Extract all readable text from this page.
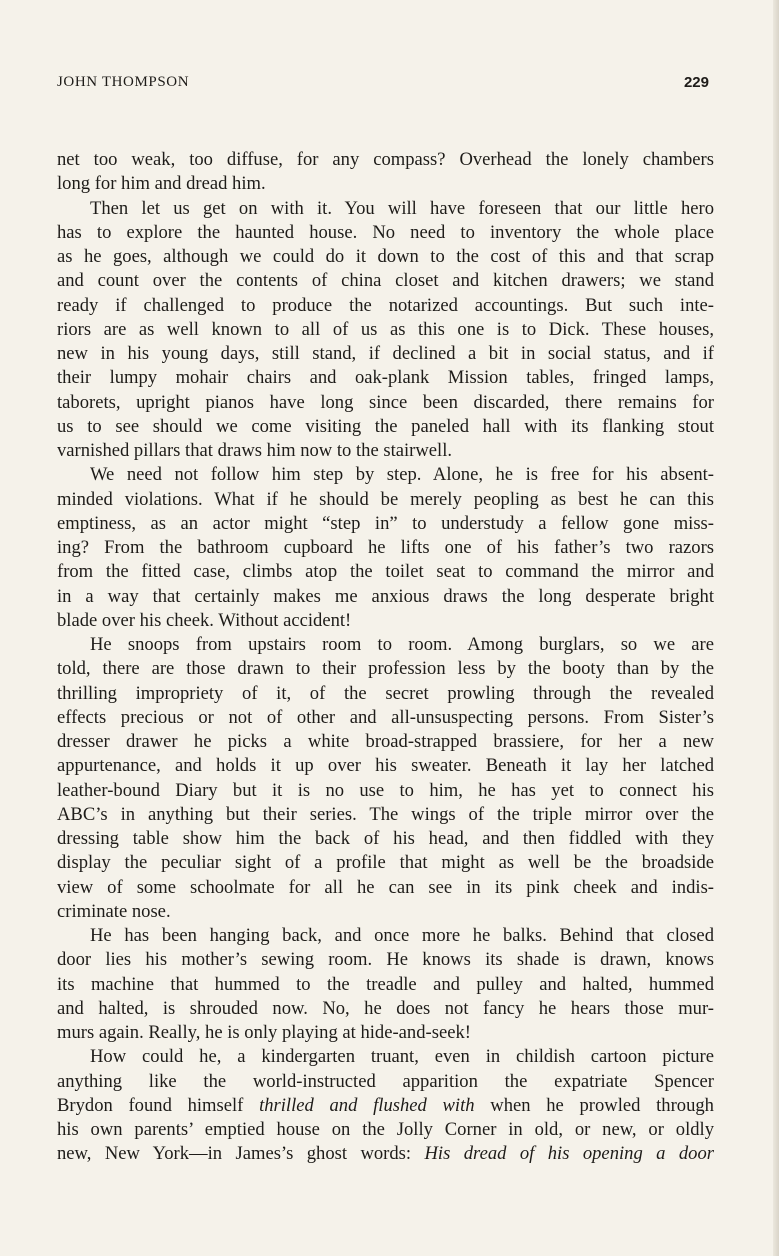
JOHN THOMPSON	229
net too weak, too diffuse, for any compass? Overhead the lonely chambers
long for him and dread him.
Then let us get on with it. You will have foreseen that our little hero
has to explore the haunted house. No need to inventory the whole place
as he goes, although we could do it down to the cost of this and that scrap
and count over the contents of china closet and kitchen drawers; we stand
ready if challenged to produce the notarized accountings. But such inte-
riors are as well known to all of us as this one is to Dick. These houses,
new in his young days, still stand, if declined a bit in social status, and if
their lumpy mohair chairs and oak-plank Mission tables, fringed lamps,
taborets, upright pianos have long since been discarded, there remains for
us to see should we come visiting the paneled hall with its flanking stout
varnished pillars that draws him now to the stairwell.
We need not follow him step by step. Alone, he is free for his absent-
minded violations. What if he should be merely peopling as best he can this
emptiness, as an actor might “step in” to understudy a fellow gone miss-
ing? From the bathroom cupboard he lifts one of his father’s two razors
from the fitted case, climbs atop the toilet seat to command the mirror and
in a way that certainly makes me anxious draws the long desperate bright
blade over his cheek. Without accident!
He snoops from upstairs room to room. Among burglars, so we are
told, there are those drawn to their profession less by the booty than by the
thrilling impropriety of it, of the secret prowling through the revealed
effects precious or not of other and all-unsuspecting persons. From Sister’s
dresser drawer he picks a white broad-strapped brassiere, for her a new
appurtenance, and holds it up over his sweater. Beneath it lay her latched
leather-bound Diary but it is no use to him, he has yet to connect his
ABC’s in anything but their series. The wings of the triple mirror over the
dressing table show him the back of his head, and then fiddled with they
display the peculiar sight of a profile that might as well be the broadside
view of some schoolmate for all he can see in its pink cheek and indis-
criminate nose.
He has been hanging back, and once more he balks. Behind that closed
door lies his mother’s sewing room. He knows its shade is drawn, knows
its machine that hummed to the treadle and pulley and halted, hummed
and halted, is shrouded now. No, he does not fancy he hears those mur-
murs again. Really, he is only playing at hide-and-seek!
How could he, a kindergarten truant, even in childish cartoon picture
anything like the world-instructed apparition the expatriate Spencer
Brydon found himself thrilled and flushed with when he prowled through
his own parents’ emptied house on the Jolly Corner in old, or new, or oldly
new, New York—in James’s ghost words: His dread of his opening a door
